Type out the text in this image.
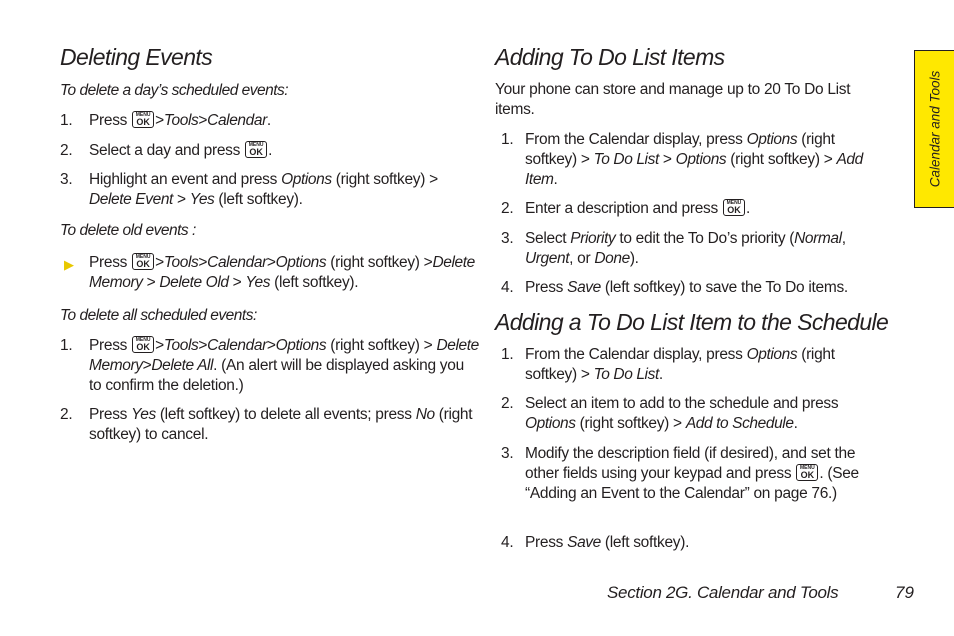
Calendar and Tools
Deleting Events
To delete a day’s scheduled events:
1. Press	MENU
OK >Tools>Calendar.
2. Select a day and press	MENU
OK .
3. Highlight an event and press Options (right softkey) > Delete Event > Yes (left softkey).
To delete old events :
▶ Press	MENU
OK >Tools>Calendar>Options (right softkey) >Delete Memory > Delete Old > Yes (left softkey).
To delete all scheduled events:
1. Press	MENU
OK >Tools>Calendar>Options (right softkey) > Delete Memory>Delete All. (An alert will be displayed asking you to confirm the deletion.)
2. Press Yes (left softkey) to delete all events; press No (right softkey) to cancel.
Adding To Do List Items
Your phone can store and manage up to 20 To Do List items.
1. From the Calendar display, press Options (right softkey) > To Do List > Options (right softkey) > Add Item.
2. Enter a description and press	MENU
OK .
3. Select Priority to edit the To Do’s priority (Normal, Urgent, or Done).
4. Press Save (left softkey) to save the To Do items.
Adding a To Do List Item to the Schedule
1. From the Calendar display, press Options (right softkey) > To Do List.
2. Select an item to add to the schedule and press Options (right softkey) > Add to Schedule.
3. Modify the description field (if desired), and set the other fields using your keypad and press	MENU
OK . (See “Adding an Event to the Calendar” on page 76.)
4. Press Save (left softkey).
Section 2G. Calendar and Tools	79
